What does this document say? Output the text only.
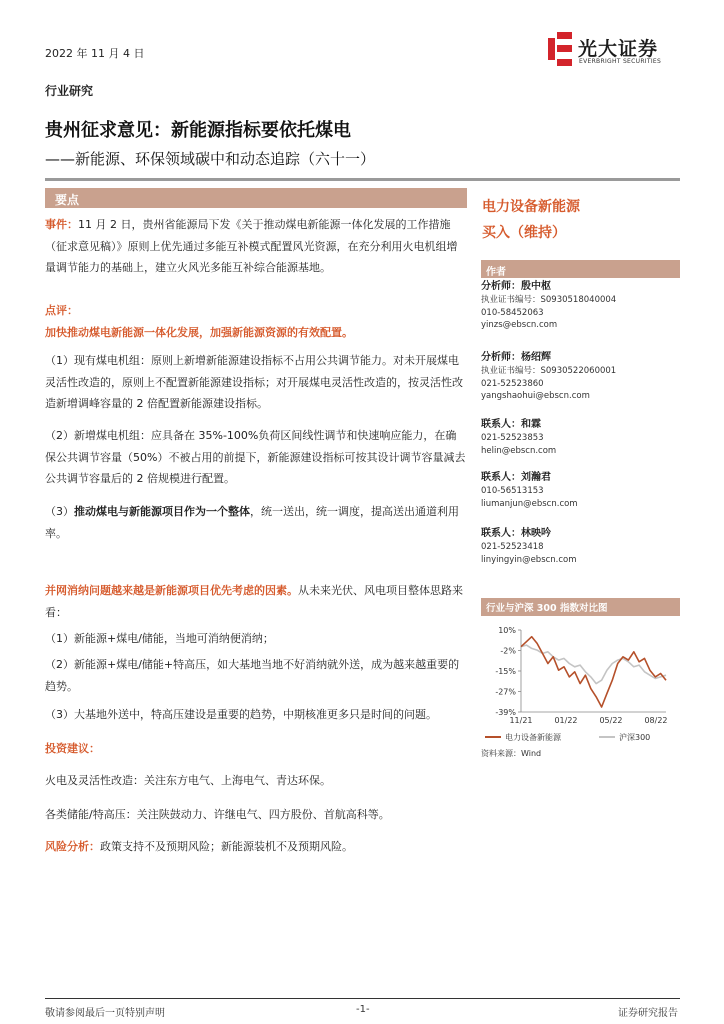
2022 年 11 月 4 日	光大证券
EVERBRIGHT SECURITIES
行业研究
贵州征求意见：新能源指标要依托煤电
——新能源、环保领域碳中和动态追踪（六十一）
要点
事件：11 月 2 日，贵州省能源局下发《关于推动煤电新能源一体化发展的工作措施（征求意见稿）》原则上优先通过多能互补模式配置风光资源，在充分利用火电机组增量调节能力的基础上，建立火风光多能互补综合能源基地。
点评：
加快推动煤电新能源一体化发展，加强新能源资源的有效配置。
（1）现有煤电机组：原则上新增新能源建设指标不占用公共调节能力。对未开展煤电灵活性改造的，原则上不配置新能源建设指标；对开展煤电灵活性改造的，按灵活性改造新增调峰容量的 2 倍配置新能源建设指标。
（2）新增煤电机组：应具备在 35%-100%负荷区间线性调节和快速响应能力，在确保公共调节容量（50%）不被占用的前提下，新能源建设指标可按其设计调节容量减去公共调节容量后的 2 倍规模进行配置。
（3）推动煤电与新能源项目作为一个整体，统一送出，统一调度，提高送出通道利用率。
并网消纳问题越来越是新能源项目优先考虑的因素。从未来光伏、风电项目整体思路来看：
（1）新能源+煤电/储能，当地可消纳便消纳；
（2）新能源+煤电/储能+特高压，如大基地当地不好消纳就外送，成为越来越重要的趋势。
（3）大基地外送中，特高压建设是重要的趋势，中期核准更多只是时间的问题。
投资建议：
火电及灵活性改造：关注东方电气、上海电气、青达环保。
各类储能/特高压：关注陕鼓动力、许继电气、四方股份、首航高科等。
风险分析：政策支持不及预期风险；新能源装机不及预期风险。
电力设备新能源
买入（维持）
作者
分析师：殷中枢
执业证书编号：S0930518040004
010-58452063
yinzs@ebscn.com
分析师：杨绍辉
执业证书编号：S0930522060001
021-52523860
yangshaohui@ebscn.com
联系人：和霖
021-52523853
helin@ebscn.com
联系人：刘瀚君
010-56513153
liumanjun@ebscn.com
联系人：林映吟
021-52523418
linyingyin@ebscn.com
行业与沪深 300 指数对比图
10%
-2%
-15%
-27%
-39%
11/21	01/22	05/22	08/22
电力设备新能源	沪深300
资料来源：Wind
敬请参阅最后一页特别声明	-1-	证券研究报告
